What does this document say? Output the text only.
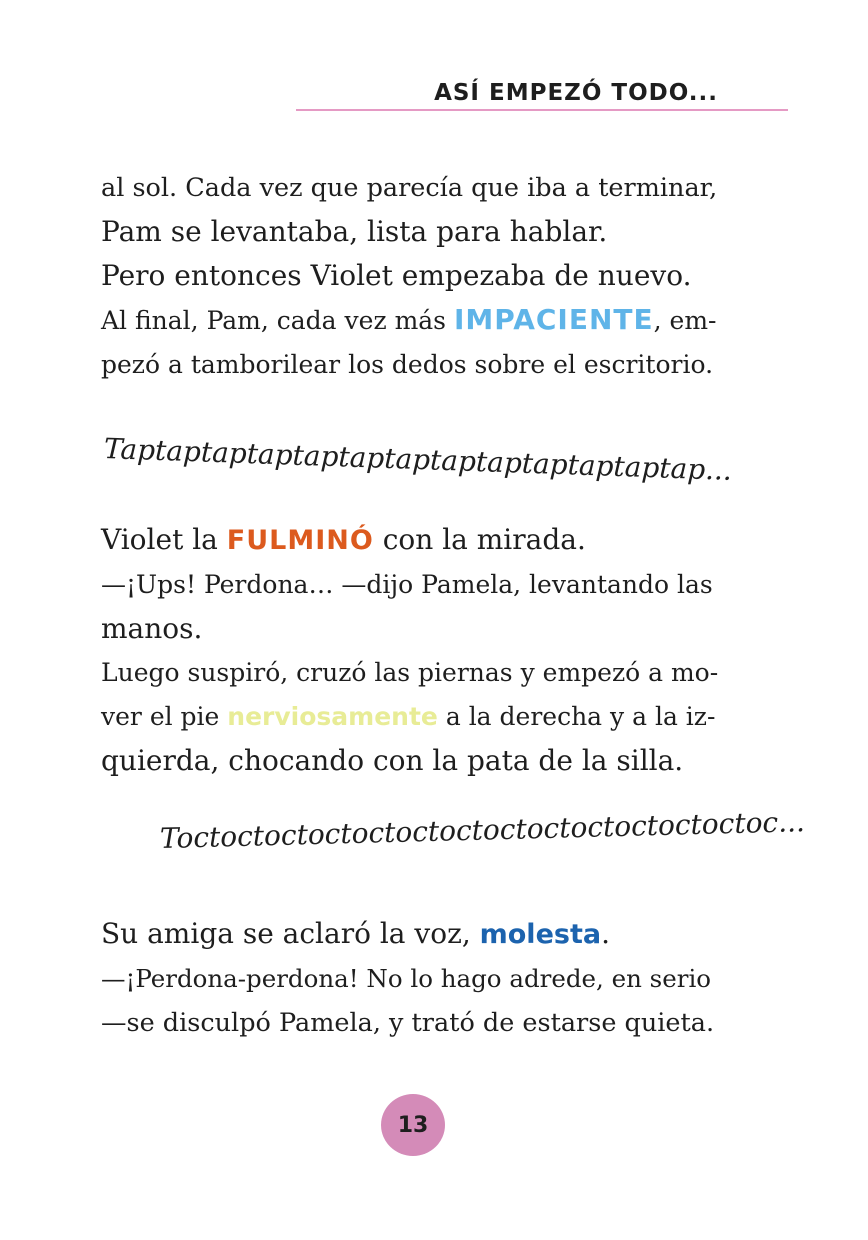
ASÍ EMPEZÓ TODO...
al sol. Cada vez que parecía que iba a terminar,
Pam se levantaba, lista para hablar.
Pero entonces Violet empezaba de nuevo.
Al final, Pam, cada vez más IMPACIENTE, em-
pezó a tamborilear los dedos sobre el escritorio.
Taptaptaptaptaptaptaptaptaptaptaptaptap...
Violet la FULMINÓ con la mirada.
—¡Ups! Perdona… —dijo Pamela, levantando las
manos.
Luego suspiró, cruzó las piernas y empezó a mo-
ver el pie nerviosamente a la derecha y a la iz-
quierda, chocando con la pata de la silla.
Toctoctoctoctoctoctoctoctoctoctoctoctoctoc...
Su amiga se aclaró la voz, molesta.
—¡Perdona-perdona! No lo hago adrede, en serio
—se disculpó Pamela, y trató de estarse quieta.
13
